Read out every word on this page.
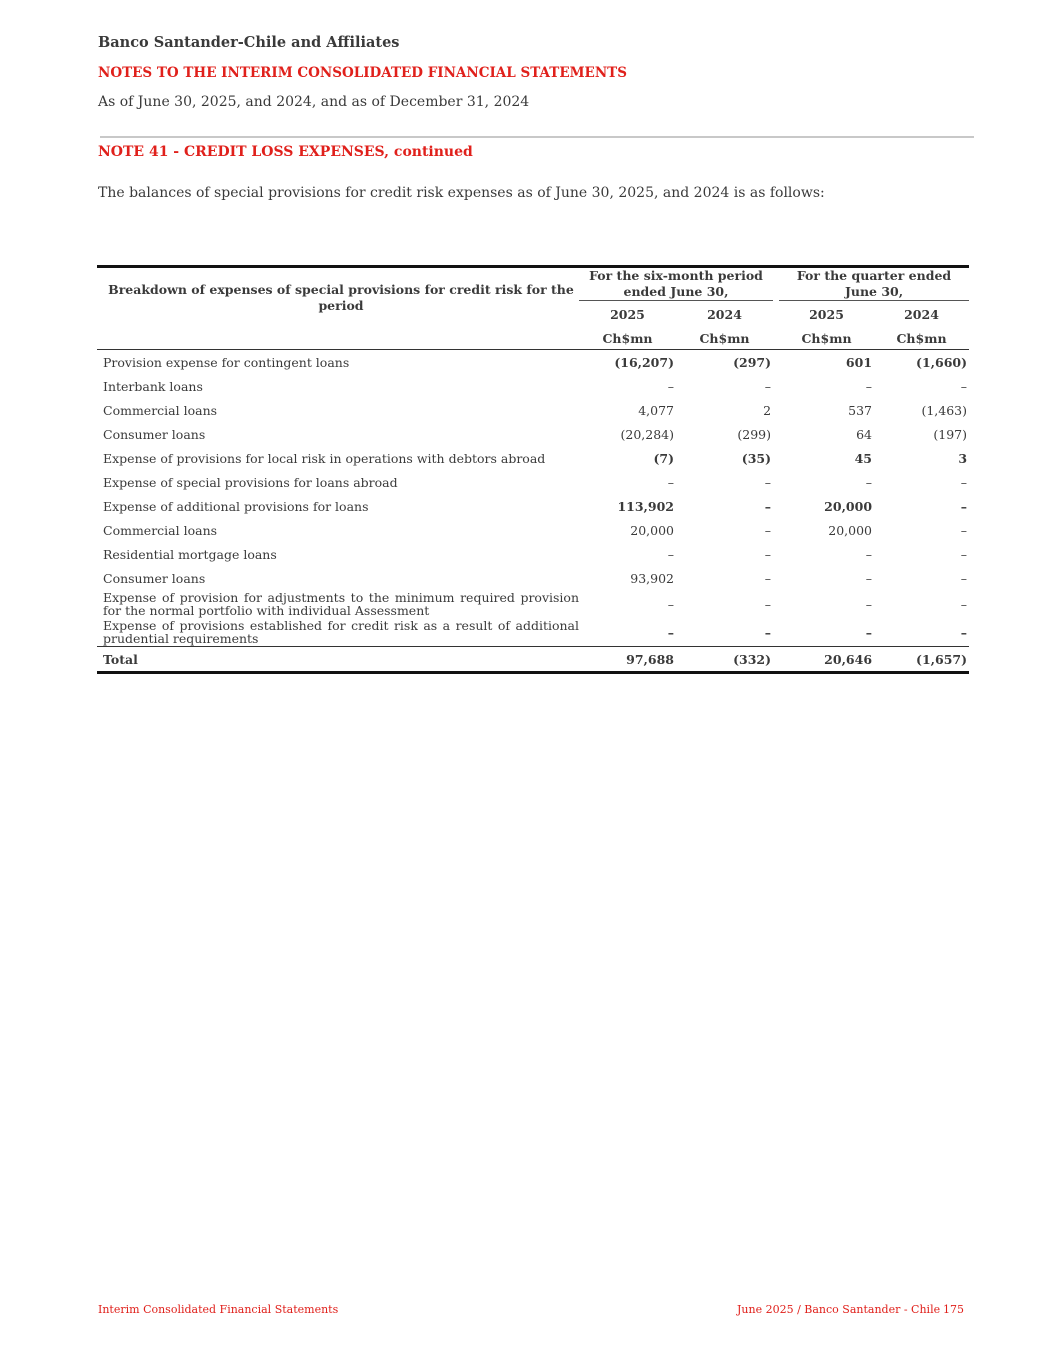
Banco Santander-Chile and Affiliates
NOTES TO THE INTERIM CONSOLIDATED FINANCIAL STATEMENTS
As of June 30, 2025, and 2024, and as of December 31, 2024
NOTE 41 - CREDIT LOSS EXPENSES, continued
The balances of special provisions for credit risk expenses as of June 30, 2025, and 2024 is as follows:
Breakdown of expenses of special provisions for credit risk for the period	For the six-month period ended June 30,			For the quarter ended June 30,	
	2025	2024		2025	2024
	Ch$mn	Ch$mn		Ch$mn	Ch$mn
Provision expense for contingent loans	(16,207)	(297)		601	(1,660)
Interbank loans	–	–		–	–
Commercial loans	4,077	2		537	(1,463)
Consumer loans	(20,284)	(299)		64	(197)
Expense of provisions for local risk in operations with debtors abroad	(7)	(35)		45	3
Expense of special provisions for loans abroad	–	–		–	–
Expense of additional provisions for loans	113,902	–		20,000	–
Commercial loans	20,000	–		20,000	–
Residential mortgage loans	–	–		–	–
Consumer loans	93,902	–		–	–
Expense of provision for adjustments to the minimum required provision for the normal portfolio with individual Assessment	–	–		–	–
Expense of provisions established for credit risk as a result of additional prudential requirements	–	–		–	–
Total	97,688	(332)		20,646	(1,657)
Interim Consolidated Financial Statements	June 2025 / Banco Santander - Chile 175
